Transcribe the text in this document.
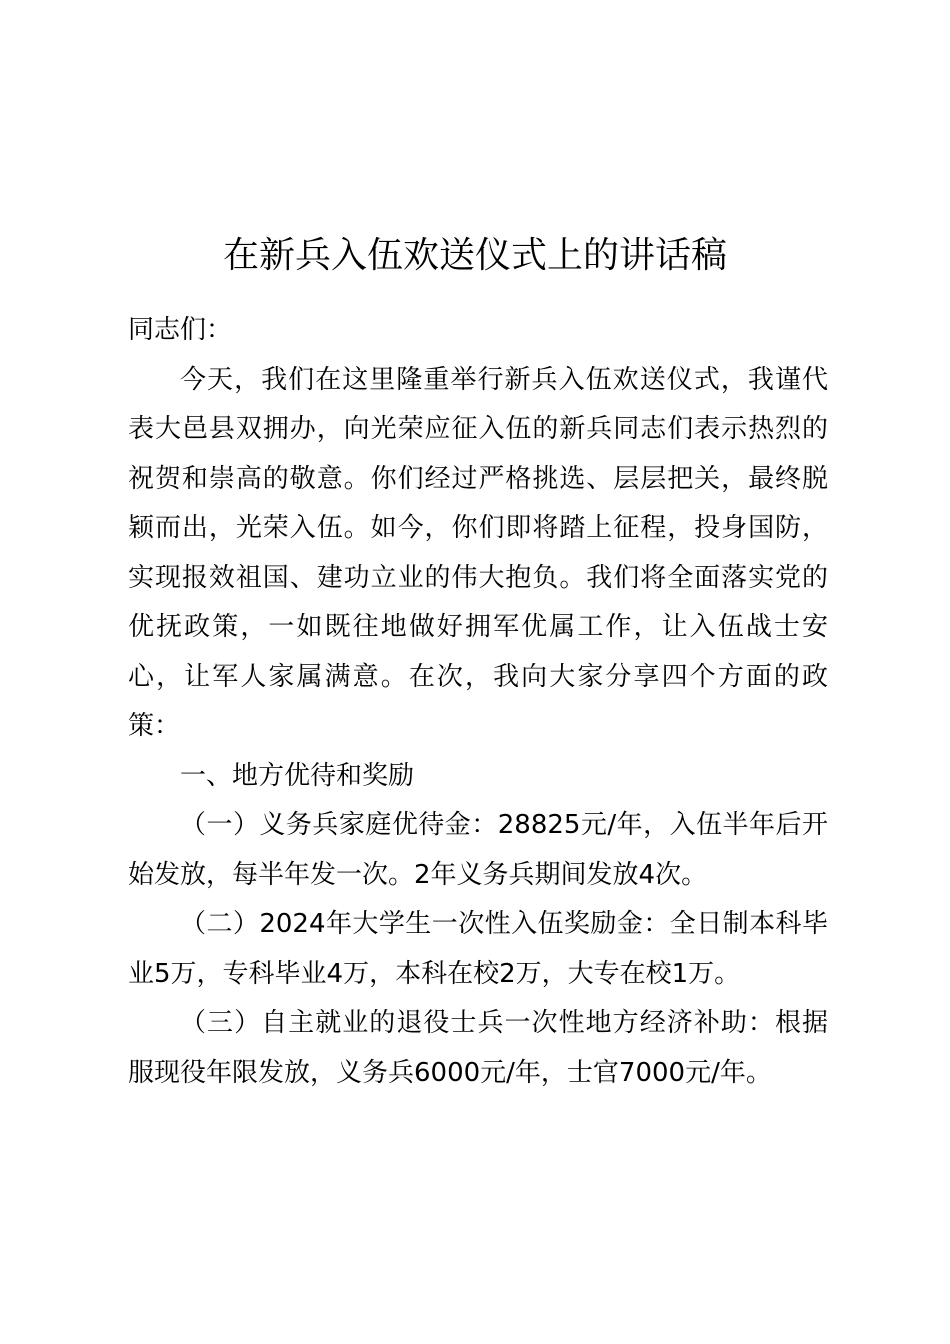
在新兵入伍欢送仪式上的讲话稿

同志们：

今天，我们在这里隆重举行新兵入伍欢送仪式，我谨代表大邑县双拥办，向光荣应征入伍的新兵同志们表示热烈的祝贺和崇高的敬意。你们经过严格挑选、层层把关，最终脱颖而出，光荣入伍。如今，你们即将踏上征程，投身国防，实现报效祖国、建功立业的伟大抱负。我们将全面落实党的优抚政策，一如既往地做好拥军优属工作，让入伍战士安心，让军人家属满意。在次，我向大家分享四个方面的政策：

一、地方优待和奖励

（一）义务兵家庭优待金：28825元/年，入伍半年后开始发放，每半年发一次。2年义务兵期间发放4次。

（二）2024年大学生一次性入伍奖励金：全日制本科毕业5万，专科毕业4万，本科在校2万，大专在校1万。

（三）自主就业的退役士兵一次性地方经济补助：根据服现役年限发放，义务兵6000元/年，士官7000元/年。
